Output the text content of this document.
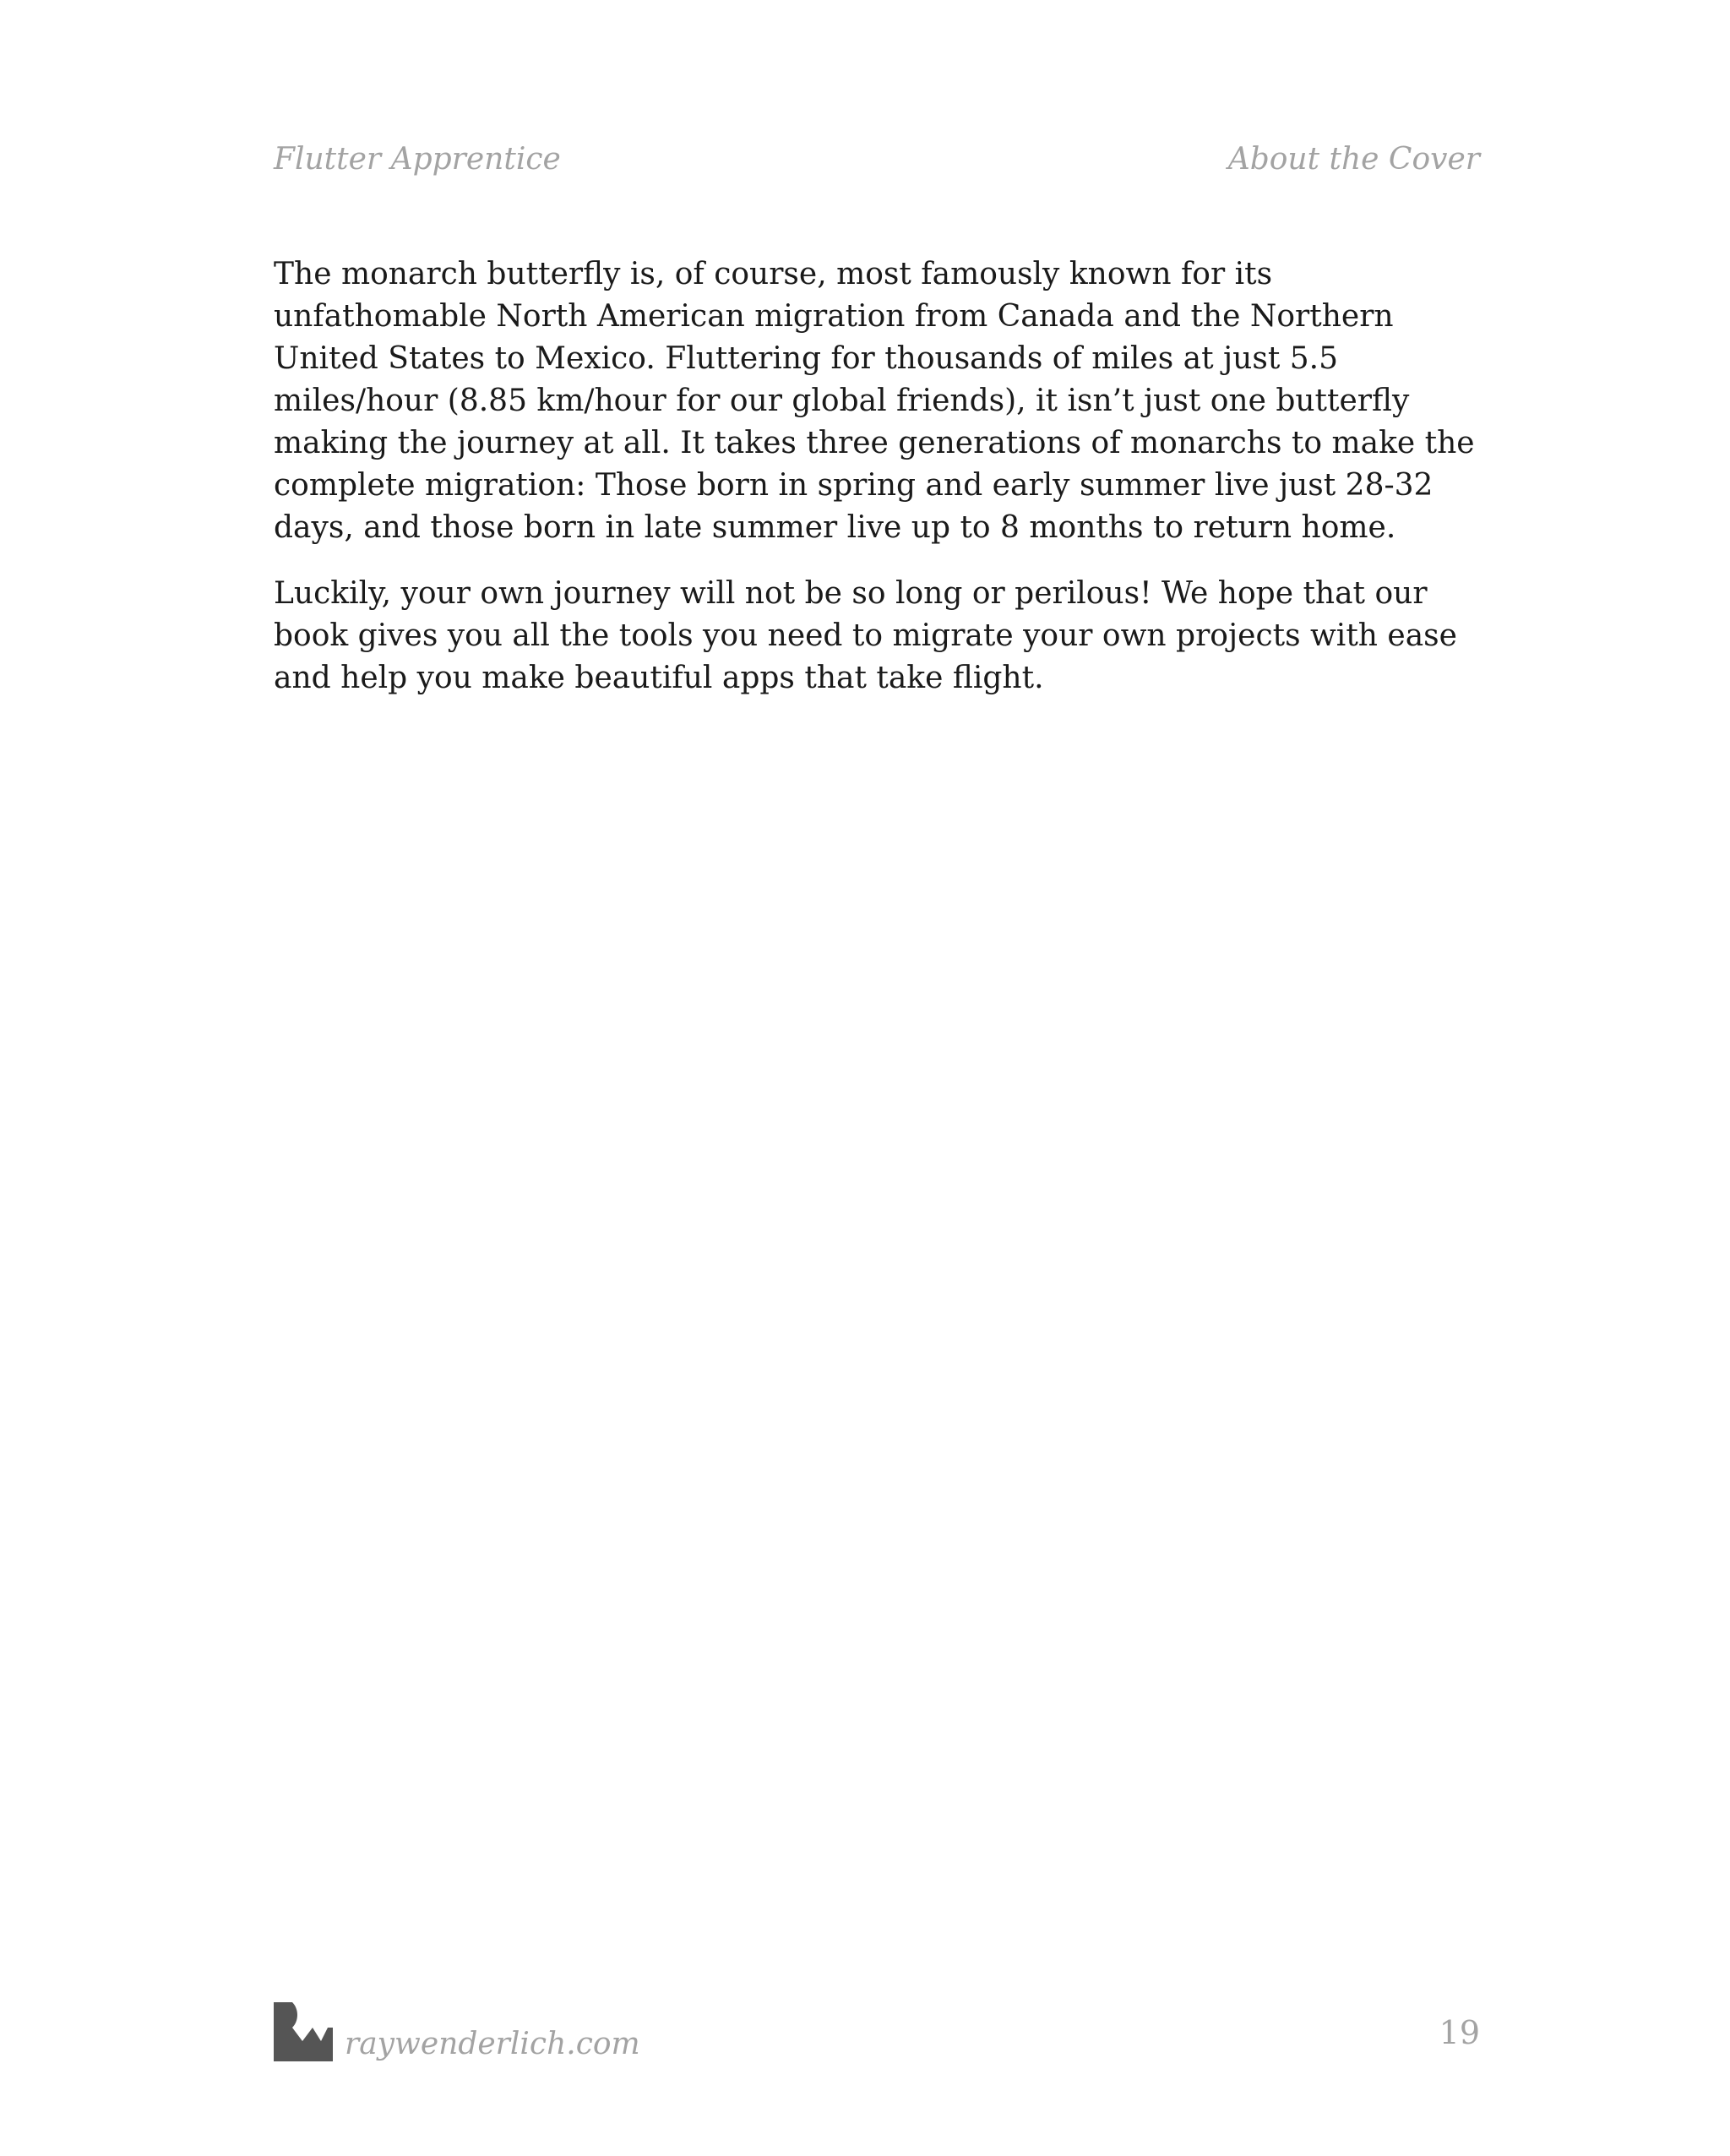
Flutter Apprentice	About the Cover

The monarch butterfly is, of course, most famously known for its unfathomable North American migration from Canada and the Northern United States to Mexico. Fluttering for thousands of miles at just 5.5 miles/hour (8.85 km/hour for our global friends), it isn’t just one butterfly making the journey at all. It takes three generations of monarchs to make the complete migration: Those born in spring and early summer live just 28-32 days, and those born in late summer live up to 8 months to return home.

Luckily, your own journey will not be so long or perilous! We hope that our book gives you all the tools you need to migrate your own projects with ease and help you make beautiful apps that take flight.

raywenderlich.com	19
